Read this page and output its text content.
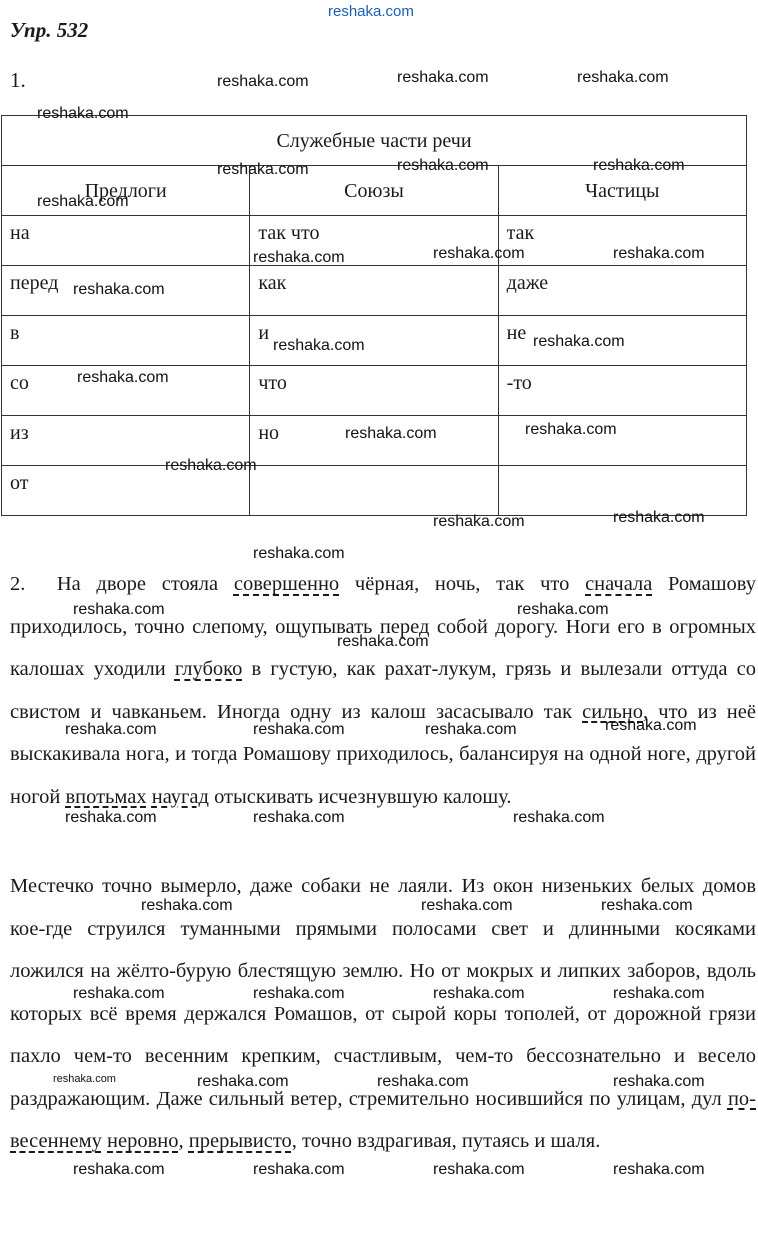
Упр. 532
1.
Служебные части речи		
Предлоги	Союзы	Частицы
на	так что	так
перед	как	даже
в	и	не
со	что	-то
из	но	
от		

2. На дворе стояла совершенно чёрная, ночь, так что сначала Ромашову приходилось, точно слепому, ощупывать перед собой дорогу. Ноги его в огромных калошах уходили глубоко в густую, как рахат-лукум, грязь и вылезали оттуда со свистом и чавканьем. Иногда одну из калош засасывало так сильно, что из неё выскакивала нога, и тогда Ромашову приходилось, балансируя на одной ноге, другой ногой впотьмах наугад отыскивать исчезнувшую калошу.

Местечко точно вымерло, даже собаки не лаяли. Из окон низеньких белых домов кое-где струился туманными прямыми полосами свет и длинными косяками ложился на жёлто-бурую блестящую землю. Но от мокрых и липких заборов, вдоль которых всё время держался Ромашов, от сырой коры тополей, от дорожной грязи пахло чем-то весенним крепким, счастливым, чем-то бессознательно и весело раздражающим. Даже сильный ветер, стремительно носившийся по улицам, дул по-весеннему неровно, прерывисто, точно вздрагивая, путаясь и шаля.

reshaka.com
reshaka.com	reshaka.com	reshaka.com
reshaka.com
reshaka.com	reshaka.com	reshaka.com
reshaka.com
reshaka.com	reshaka.com	reshaka.com
reshaka.com
reshaka.com	reshaka.com
reshaka.com
reshaka.com	reshaka.com
reshaka.com
reshaka.com	reshaka.com
reshaka.com
reshaka.com	reshaka.com
reshaka.com
reshaka.com	reshaka.com	reshaka.com	reshaka.com
reshaka.com	reshaka.com	reshaka.com
reshaka.com	reshaka.com	reshaka.com
reshaka.com	reshaka.com	reshaka.com	reshaka.com
reshaka.com	reshaka.com	reshaka.com	reshaka.com
reshaka.com	reshaka.com	reshaka.com	reshaka.com
